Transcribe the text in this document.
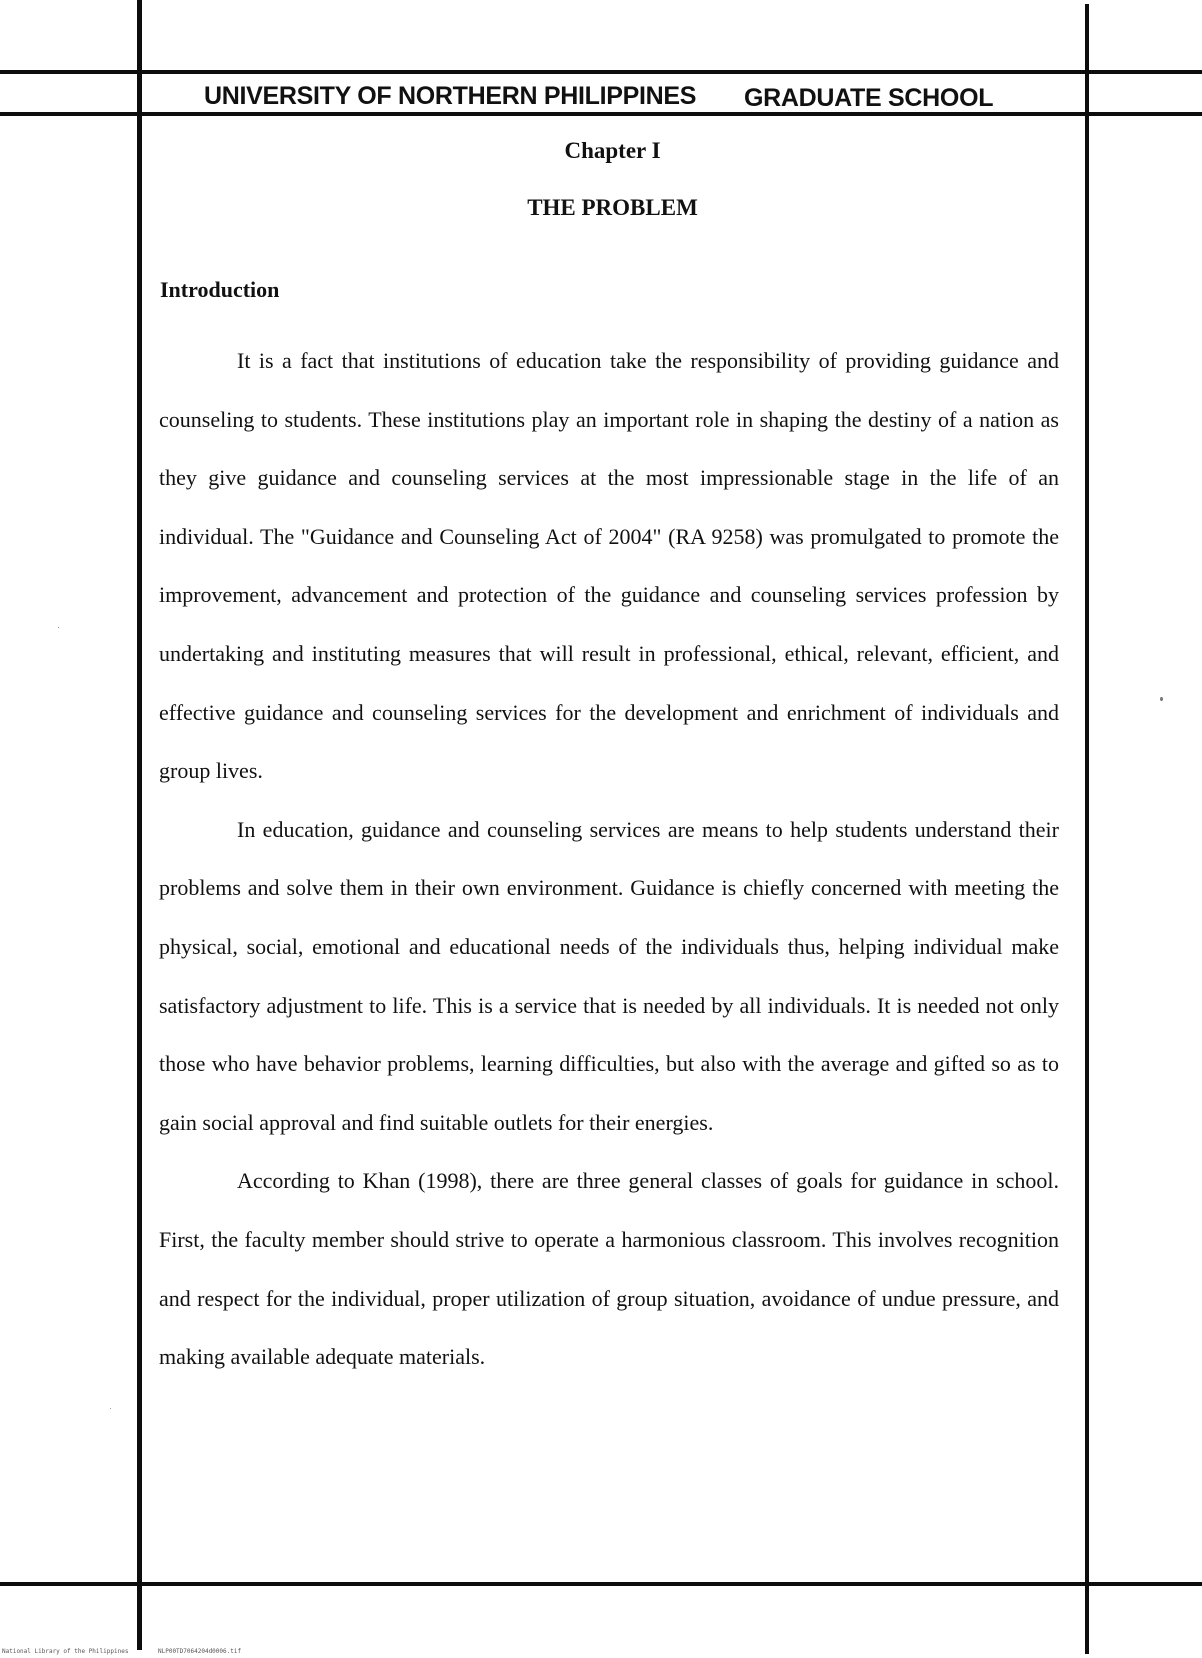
UNIVERSITY OF NORTHERN PHILIPPINES GRADUATE SCHOOL
Chapter I
THE PROBLEM
Introduction

It is a fact that institutions of education take the responsibility of providing guidance and counseling to students. These institutions play an important role in shaping the destiny of a nation as they give guidance and counseling services at the most impressionable stage in the life of an individual. The "Guidance and Counseling Act of 2004" (RA 9258) was promulgated to promote the improvement, advancement and protection of the guidance and counseling services profession by undertaking and instituting measures that will result in professional, ethical, relevant, efficient, and effective guidance and counseling services for the development and enrichment of individuals and group lives.

In education, guidance and counseling services are means to help students understand their problems and solve them in their own environment. Guidance is chiefly concerned with meeting the physical, social, emotional and educational needs of the individuals thus, helping individual make satisfactory adjustment to life. This is a service that is needed by all individuals. It is needed not only those who have behavior problems, learning difficulties, but also with the average and gifted so as to gain social approval and find suitable outlets for their energies.

According to Khan (1998), there are three general classes of goals for guidance in school. First, the faculty member should strive to operate a harmonious classroom. This involves recognition and respect for the individual, proper utilization of group situation, avoidance of undue pressure, and making available adequate materials.

National Library of the Philippines	NLP00TD7064204d0006.tif
